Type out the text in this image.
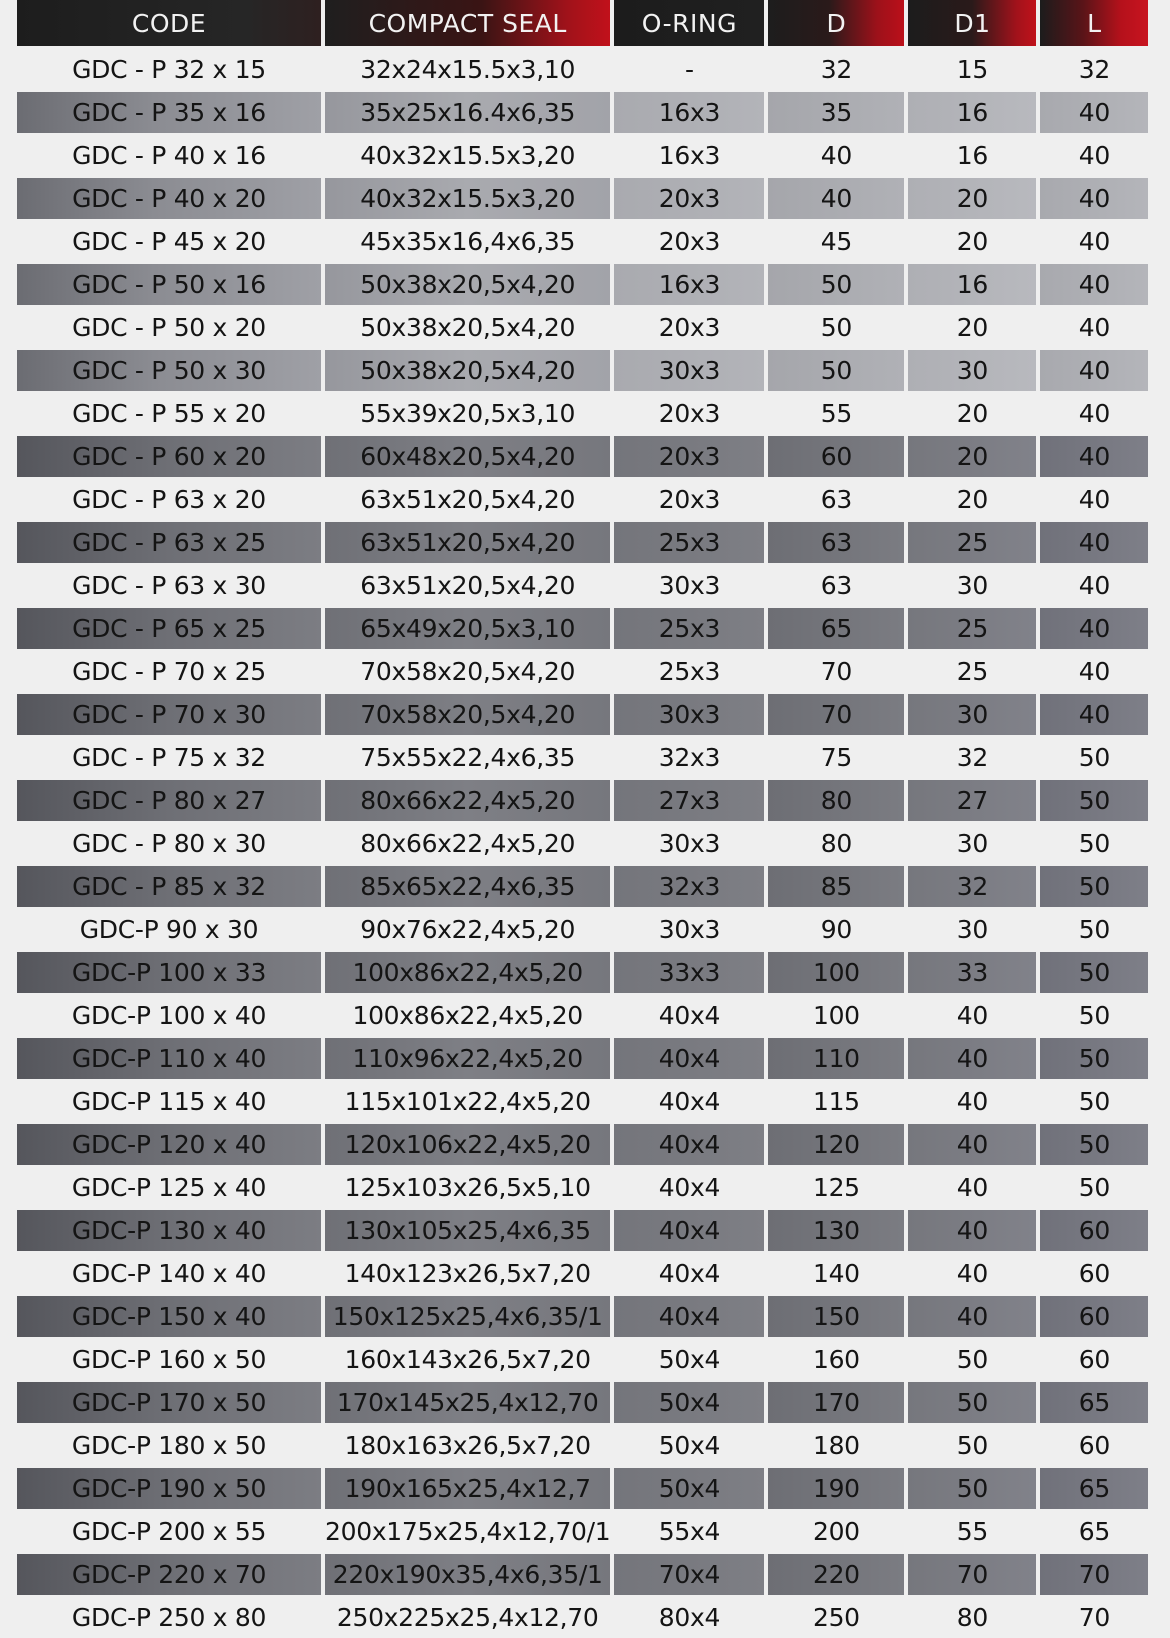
CODE	COMPACT SEAL	O-RING	D	D1	L
GDC - P 32 x 15	32x24x15.5x3,10	-	32	15	32
GDC - P 35 x 16	35x25x16.4x6,35	16x3	35	16	40
GDC - P 40 x 16	40x32x15.5x3,20	16x3	40	16	40
GDC - P 40 x 20	40x32x15.5x3,20	20x3	40	20	40
GDC - P 45 x 20	45x35x16,4x6,35	20x3	45	20	40
GDC - P 50 x 16	50x38x20,5x4,20	16x3	50	16	40
GDC - P 50 x 20	50x38x20,5x4,20	20x3	50	20	40
GDC - P 50 x 30	50x38x20,5x4,20	30x3	50	30	40
GDC - P 55 x 20	55x39x20,5x3,10	20x3	55	20	40
GDC - P 60 x 20	60x48x20,5x4,20	20x3	60	20	40
GDC - P 63 x 20	63x51x20,5x4,20	20x3	63	20	40
GDC - P 63 x 25	63x51x20,5x4,20	25x3	63	25	40
GDC - P 63 x 30	63x51x20,5x4,20	30x3	63	30	40
GDC - P 65 x 25	65x49x20,5x3,10	25x3	65	25	40
GDC - P 70 x 25	70x58x20,5x4,20	25x3	70	25	40
GDC - P 70 x 30	70x58x20,5x4,20	30x3	70	30	40
GDC - P 75 x 32	75x55x22,4x6,35	32x3	75	32	50
GDC - P 80 x 27	80x66x22,4x5,20	27x3	80	27	50
GDC - P 80 x 30	80x66x22,4x5,20	30x3	80	30	50
GDC - P 85 x 32	85x65x22,4x6,35	32x3	85	32	50
GDC-P 90 x 30	90x76x22,4x5,20	30x3	90	30	50
GDC-P 100 x 33	100x86x22,4x5,20	33x3	100	33	50
GDC-P 100 x 40	100x86x22,4x5,20	40x4	100	40	50
GDC-P 110 x 40	110x96x22,4x5,20	40x4	110	40	50
GDC-P 115 x 40	115x101x22,4x5,20	40x4	115	40	50
GDC-P 120 x 40	120x106x22,4x5,20	40x4	120	40	50
GDC-P 125 x 40	125x103x26,5x5,10	40x4	125	40	50
GDC-P 130 x 40	130x105x25,4x6,35	40x4	130	40	60
GDC-P 140 x 40	140x123x26,5x7,20	40x4	140	40	60
GDC-P 150 x 40	150x125x25,4x6,35/1	40x4	150	40	60
GDC-P 160 x 50	160x143x26,5x7,20	50x4	160	50	60
GDC-P 170 x 50	170x145x25,4x12,70	50x4	170	50	65
GDC-P 180 x 50	180x163x26,5x7,20	50x4	180	50	60
GDC-P 190 x 50	190x165x25,4x12,7	50x4	190	50	65
GDC-P 200 x 55	200x175x25,4x12,70/1	55x4	200	55	65
GDC-P 220 x 70	220x190x35,4x6,35/1	70x4	220	70	70
GDC-P 250 x 80	250x225x25,4x12,70	80x4	250	80	70
